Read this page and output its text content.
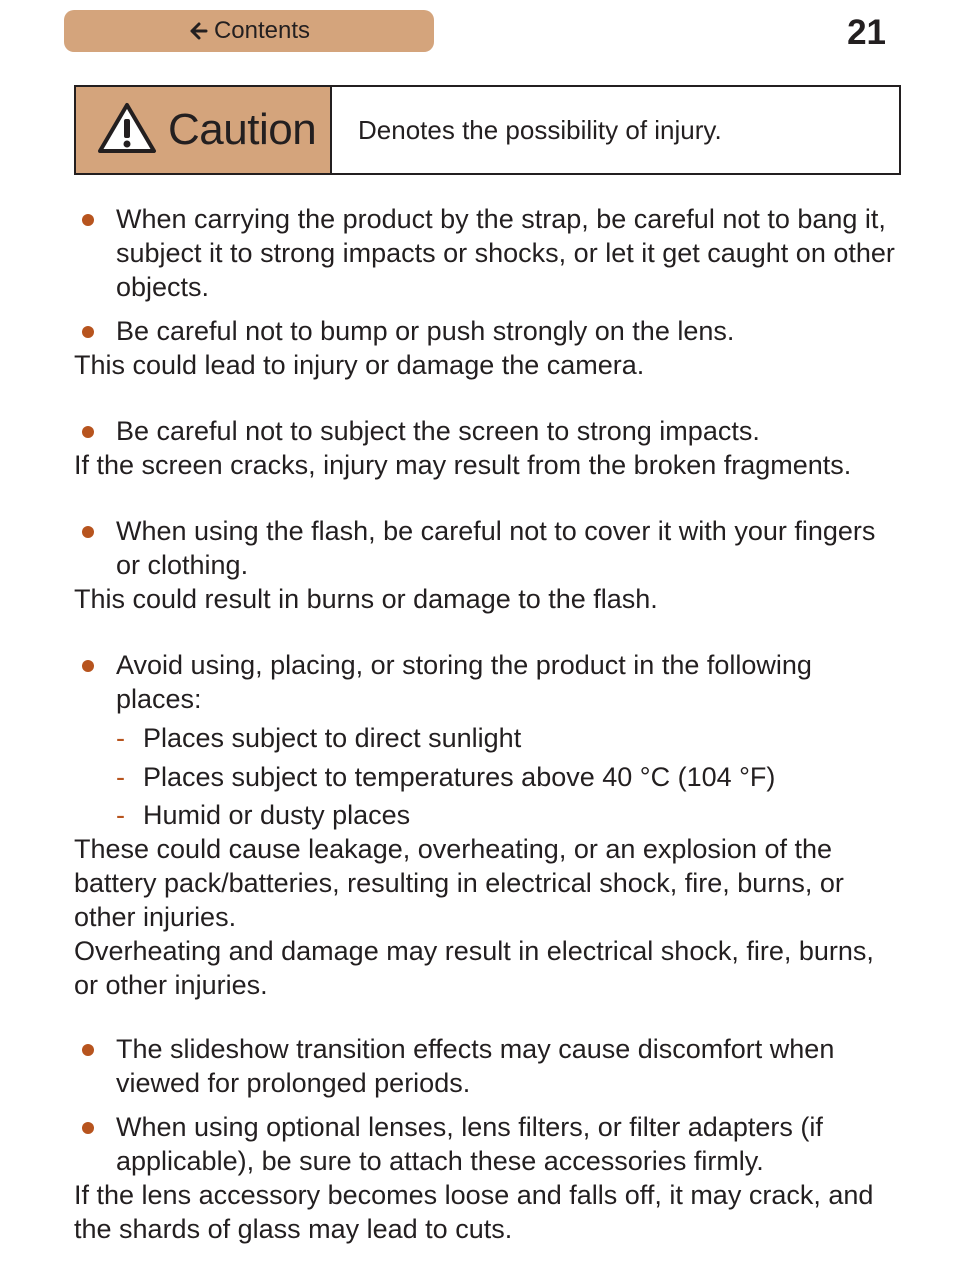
Contents	21
Caution	Denotes the possibility of injury.
When carrying the product by the strap, be careful not to bang it, subject it to strong impacts or shocks, or let it get caught on other objects.
Be careful not to bump or push strongly on the lens.
This could lead to injury or damage the camera.
Be careful not to subject the screen to strong impacts.
If the screen cracks, injury may result from the broken fragments.
When using the flash, be careful not to cover it with your fingers or clothing.
This could result in burns or damage to the flash.
Avoid using, placing, or storing the product in the following places:
- Places subject to direct sunlight
- Places subject to temperatures above 40 °C (104 °F)
- Humid or dusty places
These could cause leakage, overheating, or an explosion of the battery pack/batteries, resulting in electrical shock, fire, burns, or other injuries.
Overheating and damage may result in electrical shock, fire, burns, or other injuries.
The slideshow transition effects may cause discomfort when viewed for prolonged periods.
When using optional lenses, lens filters, or filter adapters (if applicable), be sure to attach these accessories firmly.
If the lens accessory becomes loose and falls off, it may crack, and the shards of glass may lead to cuts.
